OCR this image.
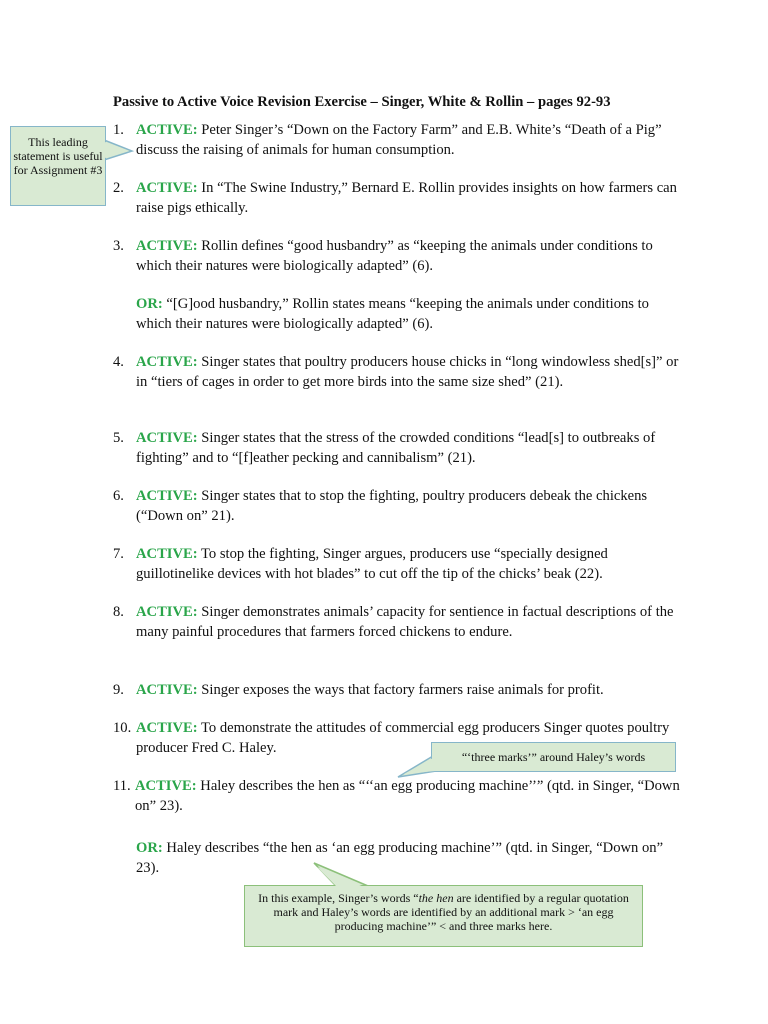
Passive to Active Voice Revision Exercise – Singer, White & Rollin – pages 92-93
1. ACTIVE: Peter Singer’s “Down on the Factory Farm” and E.B. White’s “Death of a Pig” discuss the raising of animals for human consumption.
2. ACTIVE: In “The Swine Industry,” Bernard E. Rollin provides insights on how farmers can raise pigs ethically.
3. ACTIVE: Rollin defines “good husbandry” as “keeping the animals under conditions to which their natures were biologically adapted” (6).
OR: “[G]ood husbandry,” Rollin states means “keeping the animals under conditions to which their natures were biologically adapted” (6).
4. ACTIVE: Singer states that poultry producers house chicks in “long windowless shed[s]” or in “tiers of cages in order to get more birds into the same size shed” (21).
5. ACTIVE: Singer states that the stress of the crowded conditions “lead[s] to outbreaks of fighting” and to “[f]eather pecking and cannibalism” (21).
6. ACTIVE: Singer states that to stop the fighting, poultry producers debeak the chickens (“Down on” 21).
7. ACTIVE: To stop the fighting, Singer argues, producers use “specially designed guillotinelike devices with hot blades” to cut off the tip of the chicks’ beak (22).
8. ACTIVE: Singer demonstrates animals’ capacity for sentience in factual descriptions of the many painful procedures that farmers forced chickens to endure.
9. ACTIVE: Singer exposes the ways that factory farmers raise animals for profit.
10. ACTIVE: To demonstrate the attitudes of commercial egg producers Singer quotes poultry producer Fred C. Haley.
11. ACTIVE: Haley describes the hen as “‘‘an egg producing machine’’” (qtd. in Singer, “Down on” 23).
OR: Haley describes “the hen as ‘an egg producing machine’” (qtd. in Singer, “Down on” 23).
This leading statement is useful for Assignment #3
“‘three marks’” around Haley’s words
In this example, Singer’s words “the hen are identified by a regular quotation mark and Haley’s words are identified by an additional mark > ‘an egg producing machine’” < and three marks here.
